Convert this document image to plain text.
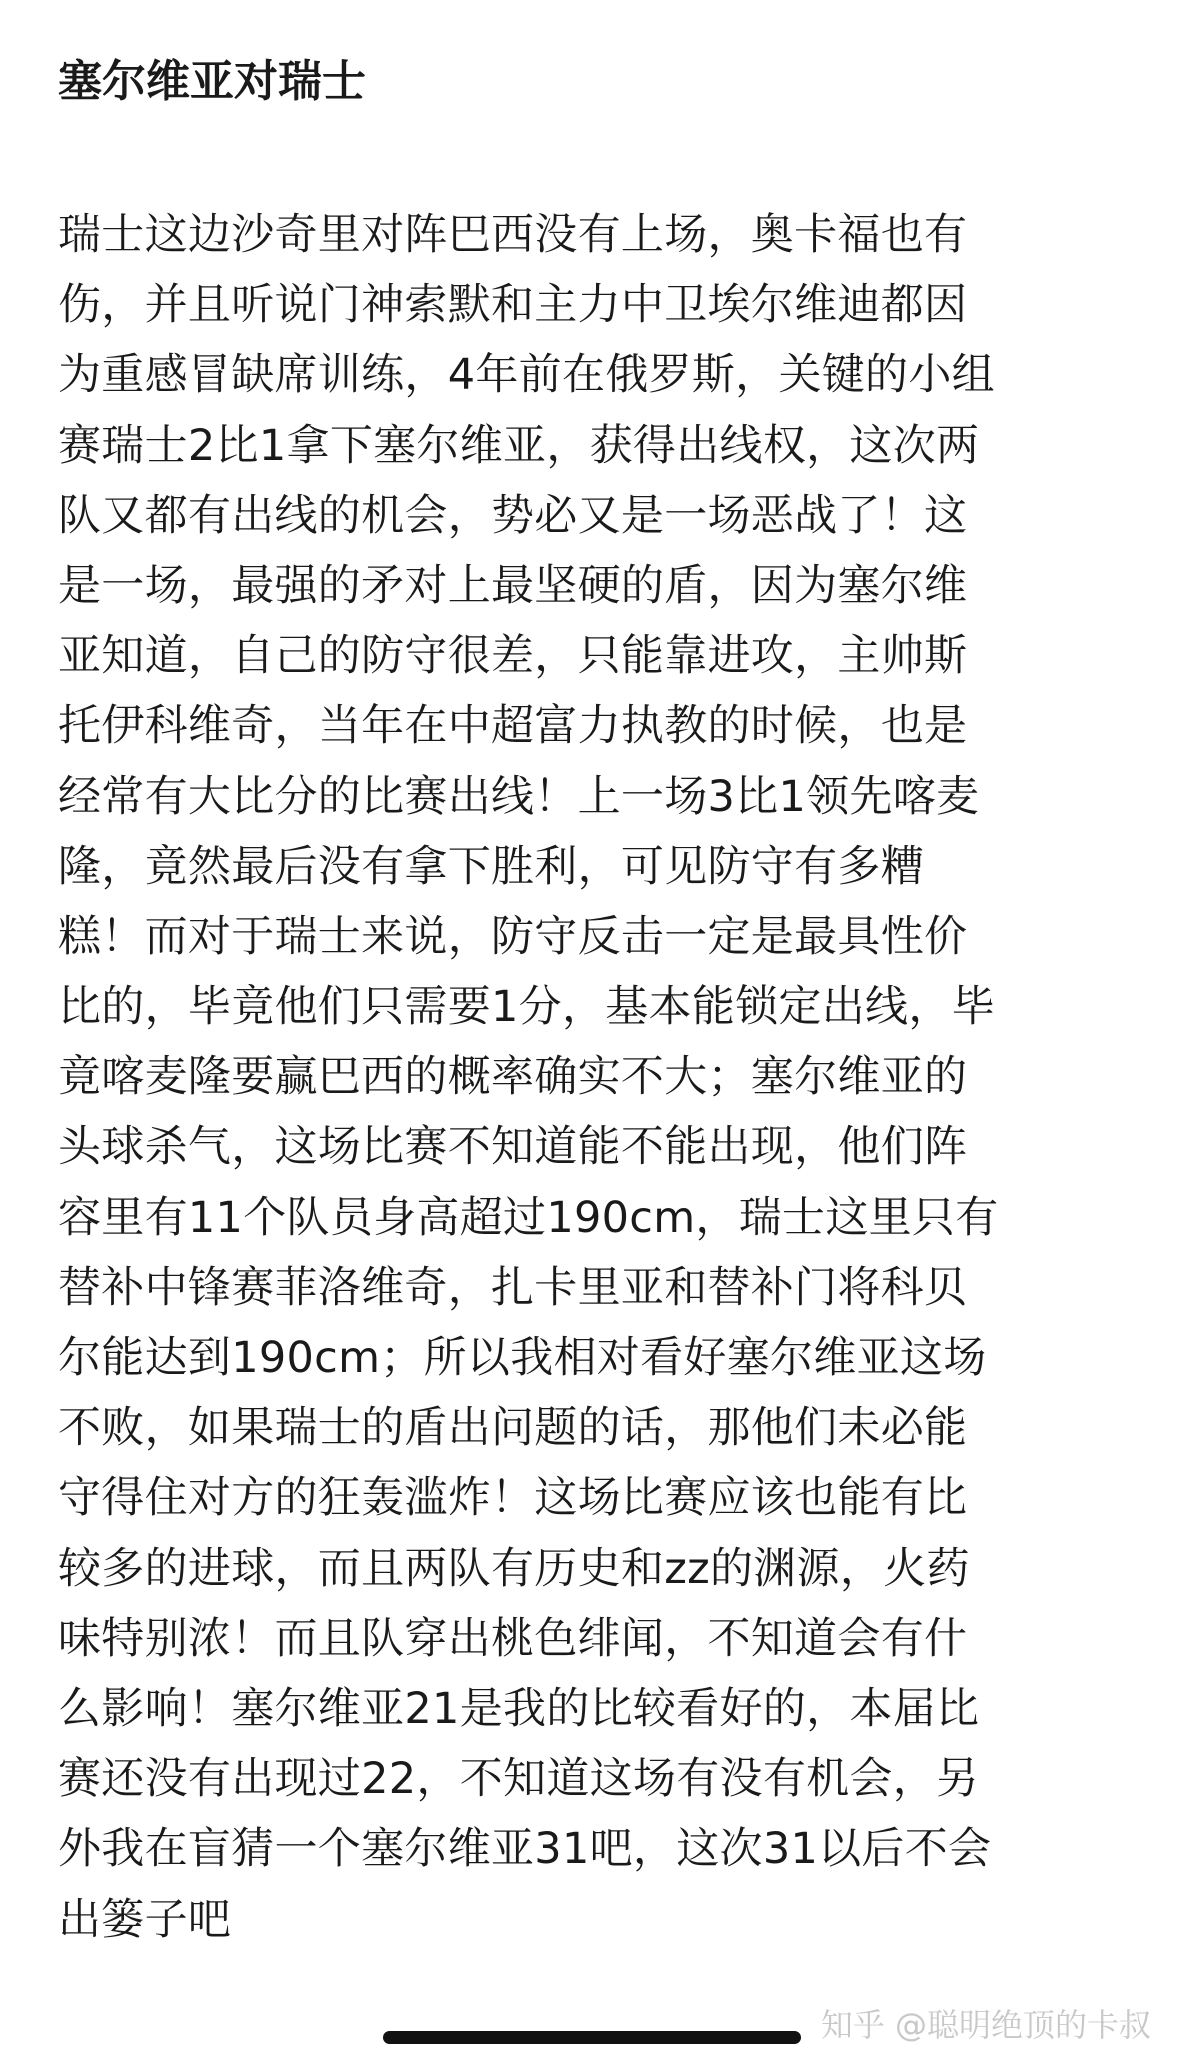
塞尔维亚对瑞士
瑞士这边沙奇里对阵巴西没有上场，奥卡福也有
伤，并且听说门神索默和主力中卫埃尔维迪都因
为重感冒缺席训练，4年前在俄罗斯，关键的小组
赛瑞士2比1拿下塞尔维亚，获得出线权，这次两
队又都有出线的机会，势必又是一场恶战了！这
是一场，最强的矛对上最坚硬的盾，因为塞尔维
亚知道，自己的防守很差，只能靠进攻，主帅斯
托伊科维奇，当年在中超富力执教的时候，也是
经常有大比分的比赛出线！上一场3比1领先喀麦
隆，竟然最后没有拿下胜利，可见防守有多糟
糕！而对于瑞士来说，防守反击一定是最具性价
比的，毕竟他们只需要1分，基本能锁定出线，毕
竟喀麦隆要赢巴西的概率确实不大；塞尔维亚的
头球杀气，这场比赛不知道能不能出现，他们阵
容里有11个队员身高超过190cm，瑞士这里只有
替补中锋赛菲洛维奇，扎卡里亚和替补门将科贝
尔能达到190cm；所以我相对看好塞尔维亚这场
不败，如果瑞士的盾出问题的话，那他们未必能
守得住对方的狂轰滥炸！这场比赛应该也能有比
较多的进球，而且两队有历史和zz的渊源，火药
味特别浓！而且队穿出桃色绯闻，不知道会有什
么影响！塞尔维亚21是我的比较看好的，本届比
赛还没有出现过22，不知道这场有没有机会，另
外我在盲猜一个塞尔维亚31吧，这次31以后不会
出篓子吧
知乎 @聪明绝顶的卡叔
